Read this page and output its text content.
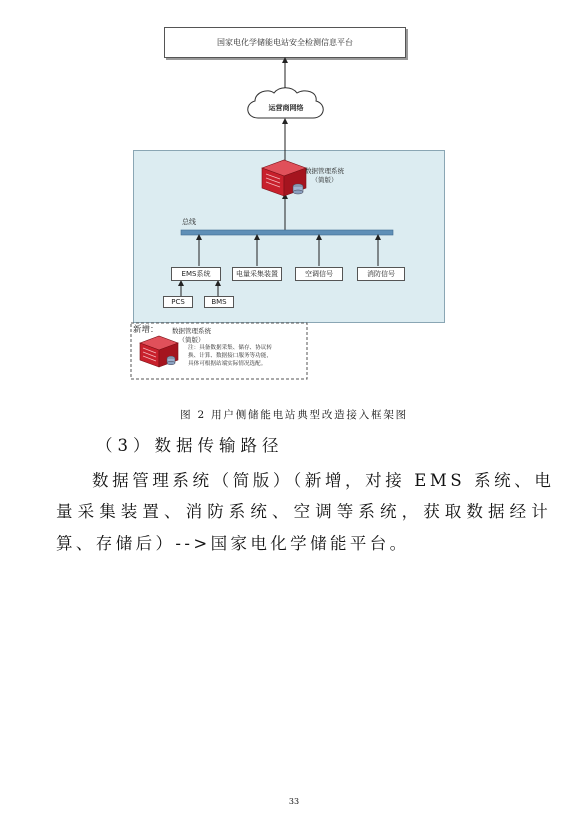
国家电化学储能电站安全检测信息平台
运营商网络
数据管理系统
（简版）
总线
EMS系统	电量采集装置	空调信号	消防信号
PCS	BMS
新增： 数据管理系统
（简版）
注：具备数据采集、储存、协议转
换、计算、数据接口服务等功能，
具体可根据站端实际情况选配。
图 2 用户侧储能电站典型改造接入框架图
（3）数据传输路径
数据管理系统（简版）（新增，对接 EMS 系统、电
量采集装置、消防系统、空调等系统，获取数据经计
算、存储后）-->国家电化学储能平台。
33
